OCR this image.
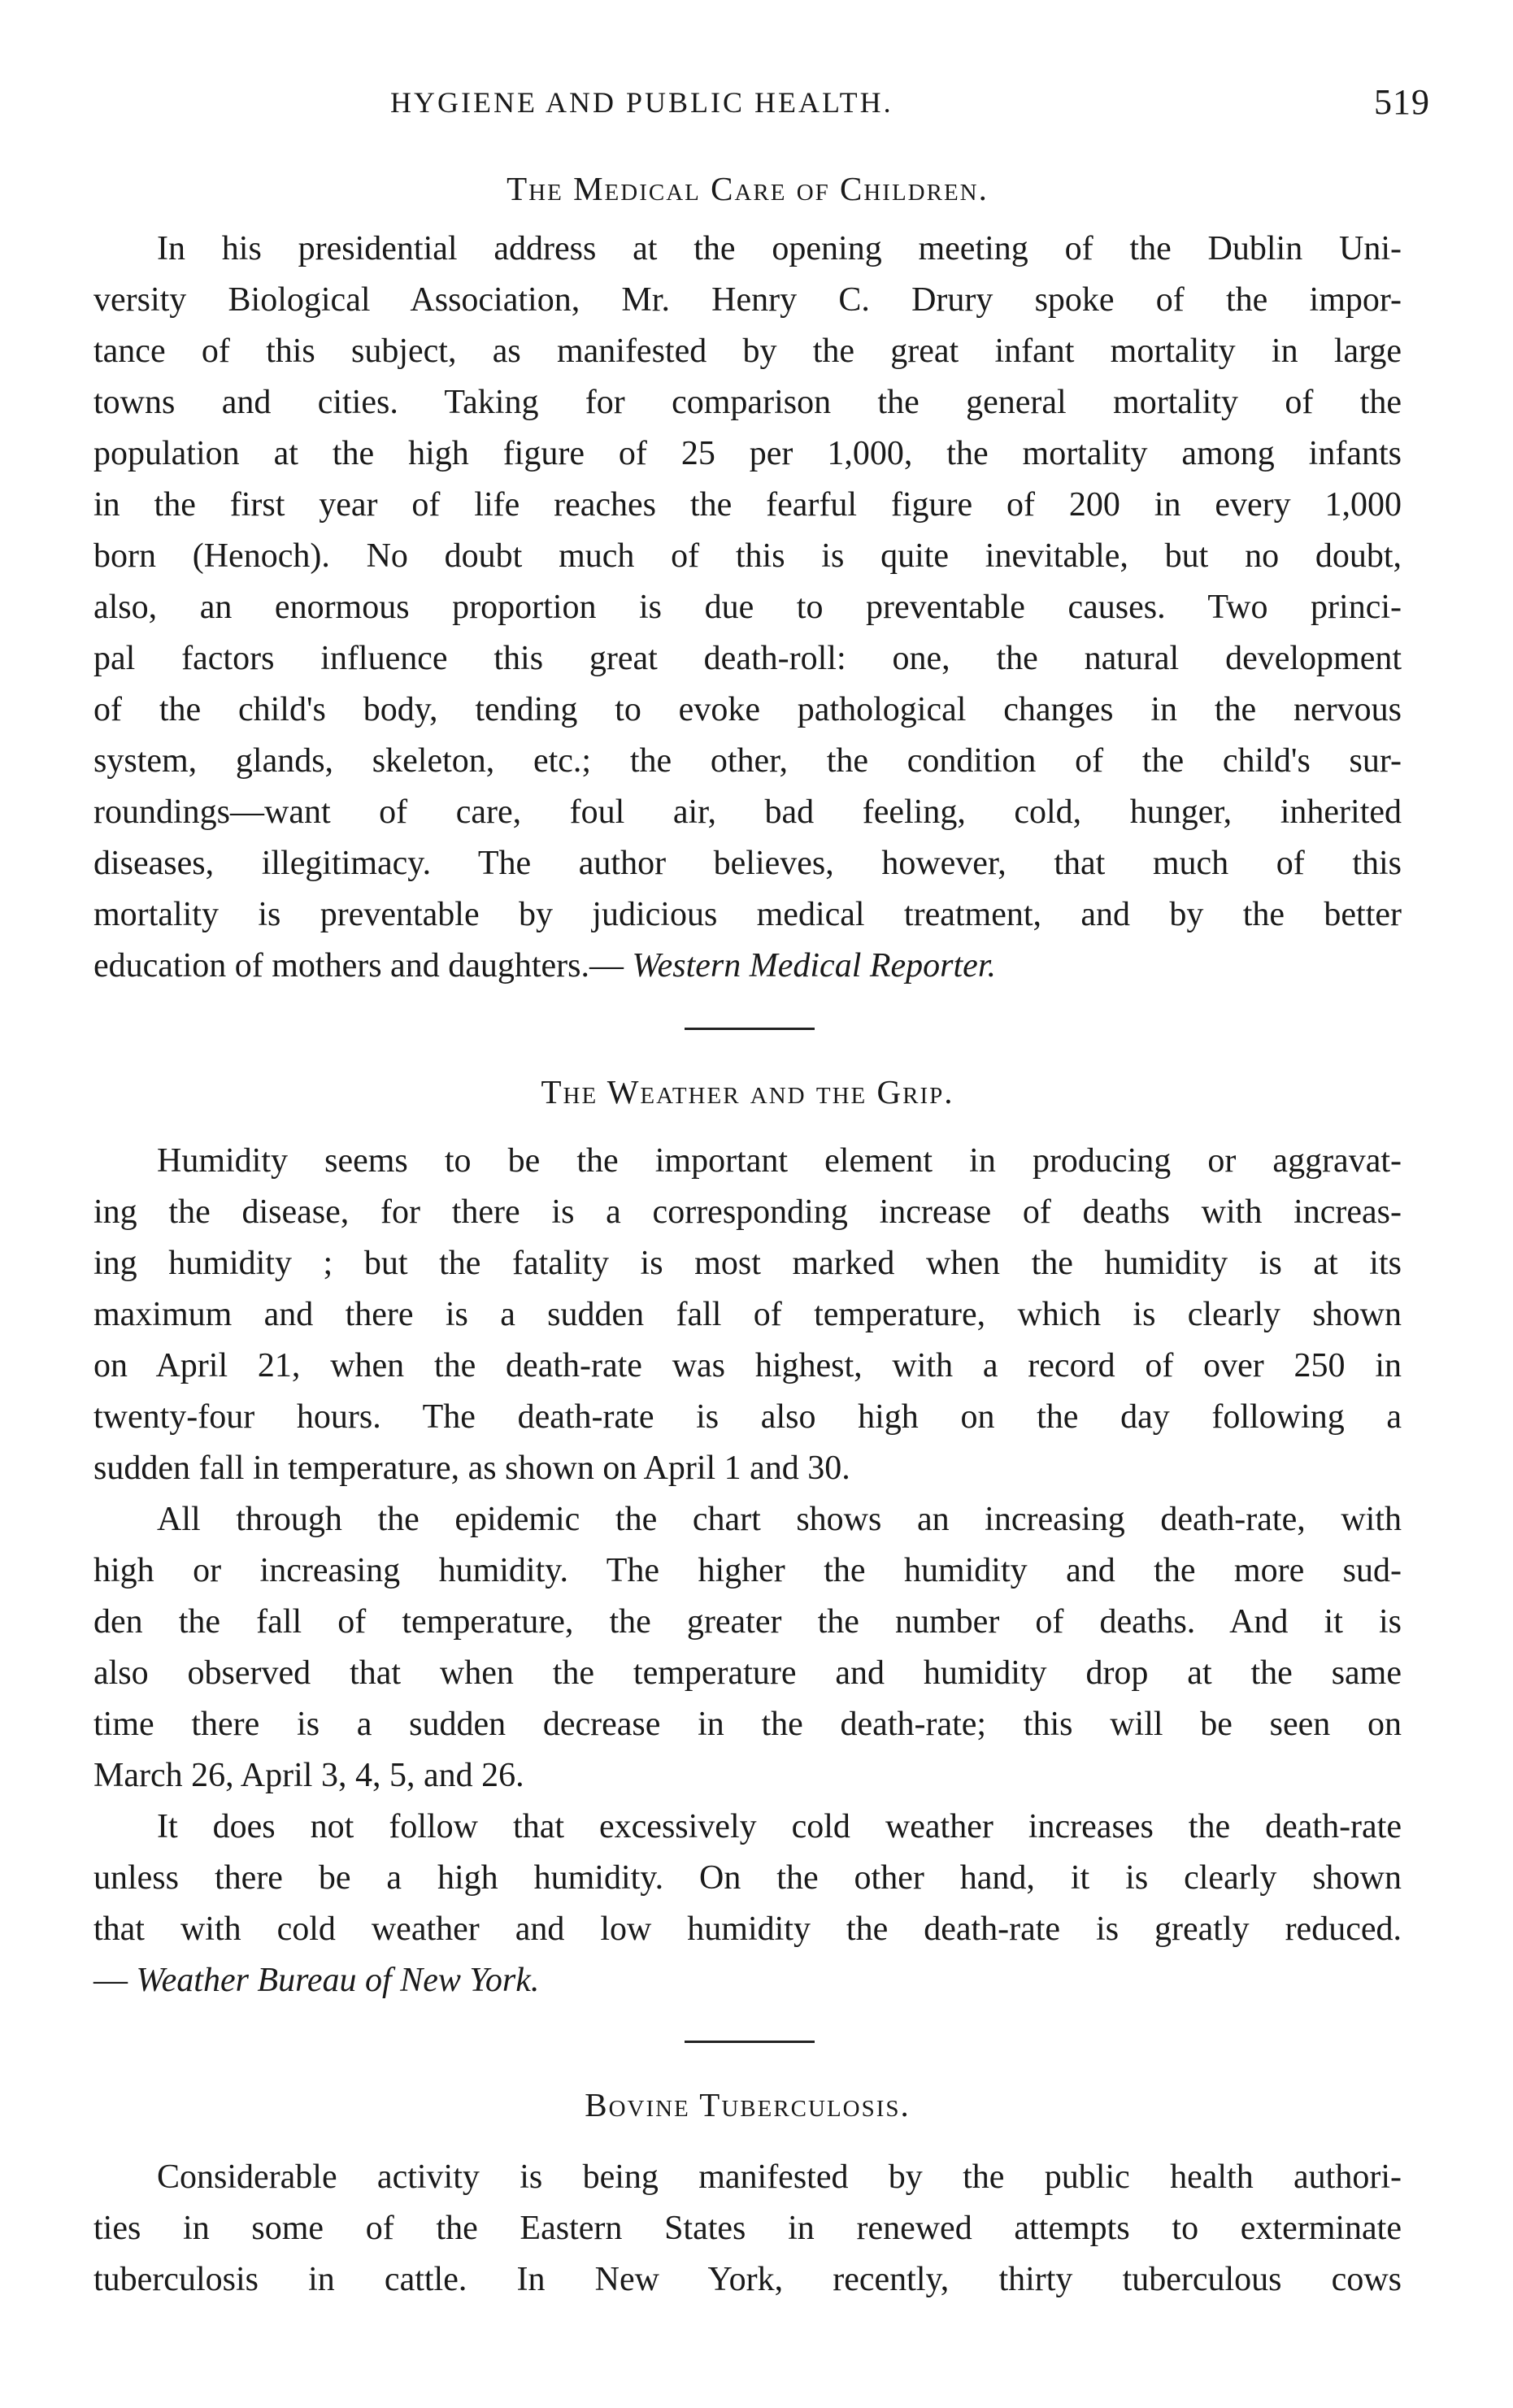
HYGIENE AND PUBLIC HEALTH.	519
The Medical Care of Children.
In his presidential address at the opening meeting of the Dublin Uni-
versity Biological Association, Mr. Henry C. Drury spoke of the impor-
tance of this subject, as manifested by the great infant mortality in large
towns and cities. Taking for comparison the general mortality of the
population at the high figure of 25 per 1,000, the mortality among infants
in the first year of life reaches the fearful figure of 200 in every 1,000
born (Henoch). No doubt much of this is quite inevitable, but no doubt,
also, an enormous proportion is due to preventable causes. Two princi-
pal factors influence this great death-roll: one, the natural development
of the child's body, tending to evoke pathological changes in the nervous
system, glands, skeleton, etc.; the other, the condition of the child's sur-
roundings—want of care, foul air, bad feeling, cold, hunger, inherited
diseases, illegitimacy. The author believes, however, that much of this
mortality is preventable by judicious medical treatment, and by the better
education of mothers and daughters.— Western Medical Reporter.
The Weather and the Grip.
Humidity seems to be the important element in producing or aggravat-
ing the disease, for there is a corresponding increase of deaths with increas-
ing humidity ; but the fatality is most marked when the humidity is at its
maximum and there is a sudden fall of temperature, which is clearly shown
on April 21, when the death-rate was highest, with a record of over 250 in
twenty-four hours. The death-rate is also high on the day following a
sudden fall in temperature, as shown on April 1 and 30.
All through the epidemic the chart shows an increasing death-rate, with
high or increasing humidity. The higher the humidity and the more sud-
den the fall of temperature, the greater the number of deaths. And it is
also observed that when the temperature and humidity drop at the same
time there is a sudden decrease in the death-rate; this will be seen on
March 26, April 3, 4, 5, and 26.
It does not follow that excessively cold weather increases the death-rate
unless there be a high humidity. On the other hand, it is clearly shown
that with cold weather and low humidity the death-rate is greatly reduced.
— Weather Bureau of New York.
Bovine Tuberculosis.
Considerable activity is being manifested by the public health authori-
ties in some of the Eastern States in renewed attempts to exterminate
tuberculosis in cattle. In New York, recently, thirty tuberculous cows
